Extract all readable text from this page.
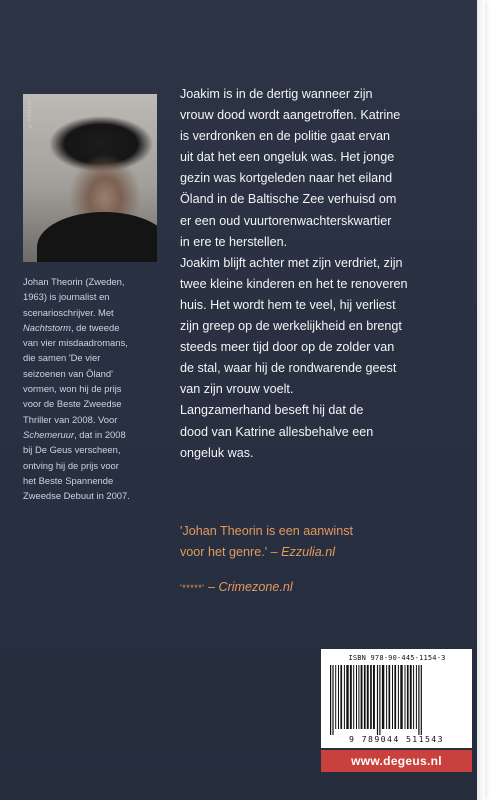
© Carla Loor

Johan Theorin (Zweden,
1963) is journalist en
scenarioschrijver. Met
Nachtstorm, de tweede
van vier misdaadromans,
die samen 'De vier
seizoenen van Öland'
vormen, won hij de prijs
voor de Beste Zweedse
Thriller van 2008. Voor
Schemeruur, dat in 2008
bij De Geus verscheen,
ontving hij de prijs voor
het Beste Spannende
Zweedse Debuut in 2007.

Joakim is in de dertig wanneer zijn
vrouw dood wordt aangetroffen. Katrine
is verdronken en de politie gaat ervan
uit dat het een ongeluk was. Het jonge
gezin was kortgeleden naar het eiland
Öland in de Baltische Zee verhuisd om
er een oud vuurtorenwachterskwartier
in ere te herstellen.

Joakim blijft achter met zijn verdriet, zijn
twee kleine kinderen en het te renoveren
huis. Het wordt hem te veel, hij verliest
zijn greep op de werkelijkheid en brengt
steeds meer tijd door op de zolder van
de stal, waar hij de rondwarende geest
van zijn vrouw voelt.

Langzamerhand beseft hij dat de
dood van Katrine allesbehalve een
ongeluk was.

'Johan Theorin is een aanwinst
voor het genre.' – Ezzulia.nl
'*****' – Crimezone.nl
ISBN 978-90-445-1154-3
9 789044 511543
www.degeus.nl
